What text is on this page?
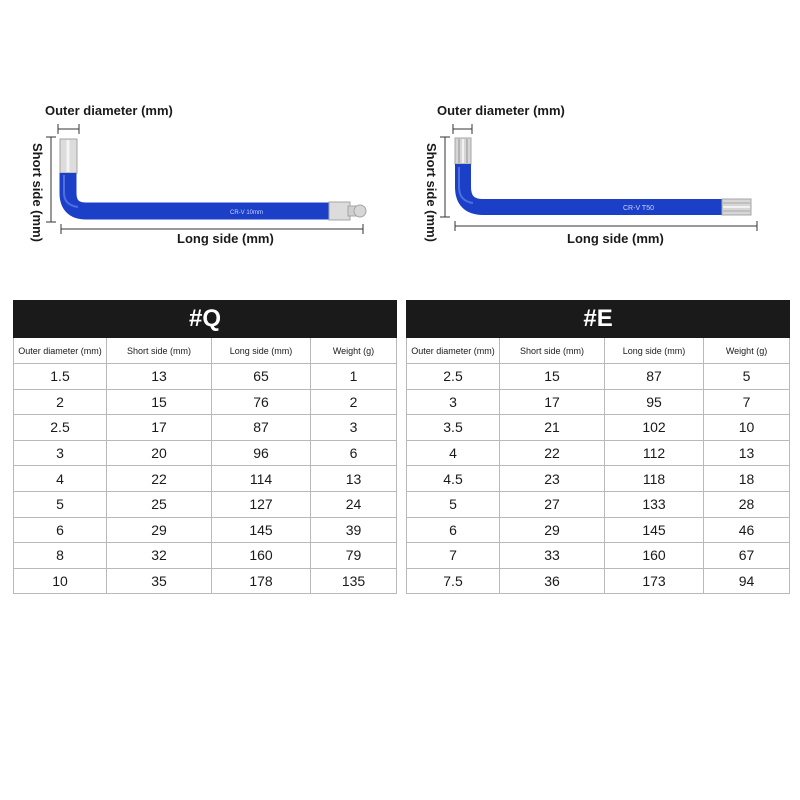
Outer diameter (mm)
Short side (mm)	Long side (mm)
CR-V 10mm
Outer diameter (mm)
Short side (mm)	Long side (mm)
CR-V T50
#Q			
Outer diameter (mm)	Short side (mm)	Long side (mm)	Weight (g)
1.5	13	65	1
2	15	76	2
2.5	17	87	3
3	20	96	6
4	22	114	13
5	25	127	24
6	29	145	39
8	32	160	79
10	35	178	135
#E			
Outer diameter (mm)	Short side (mm)	Long side (mm)	Weight (g)
2.5	15	87	5
3	17	95	7
3.5	21	102	10
4	22	112	13
4.5	23	118	18
5	27	133	28
6	29	145	46
7	33	160	67
7.5	36	173	94
